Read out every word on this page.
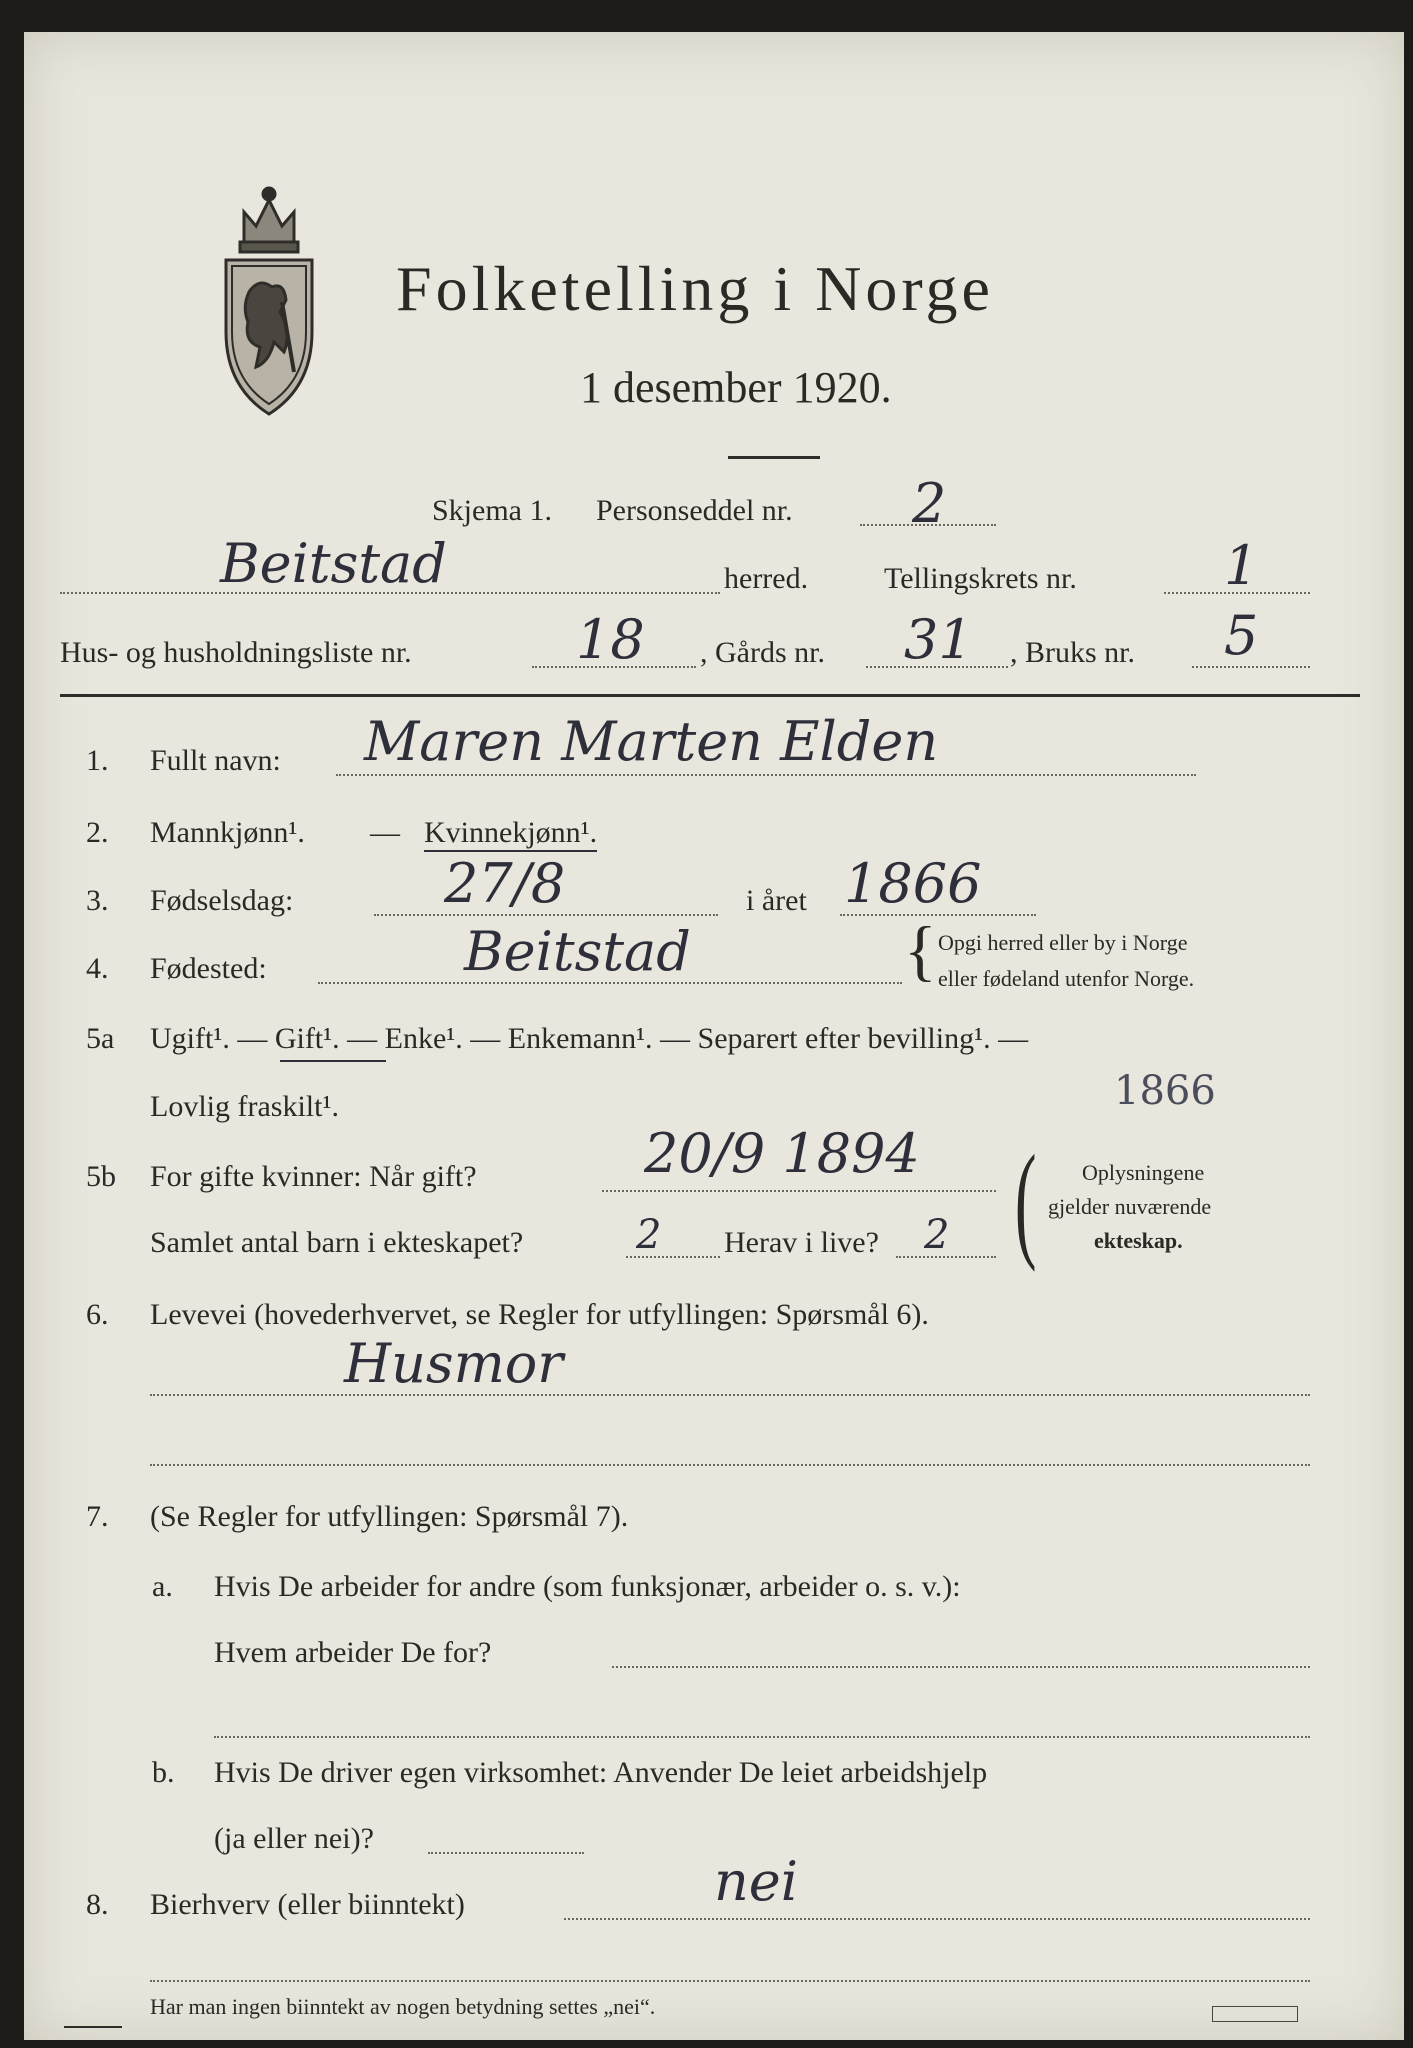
Folketelling i Norge
1 desember 1920.
Skjema 1. Personseddel nr. 2
Beitstad	herred.	Tellingskrets nr.	1
Hus- og husholdningsliste nr.	18 , Gårds nr. 31 , Bruks nr. 5
1. Fullt navn: Maren Marten Elden
2. Mannkjønn¹. — Kvinnekjønn¹.
3. Fødselsdag:	27/8	i året 1866
4. Fødested:	Beitstad	{ Opgi herred eller by i Norge
eller fødeland utenfor Norge.
5a Ugift¹. — Gift¹. — Enke¹. — Enkemann¹. — Separert efter bevilling¹. —
Lovlig fraskilt¹.	1866
5b For gifte kvinner: Når gift?	20/9 1894
Samlet antal barn i ekteskapet?	2 Herav i live? 2 ( Oplysningene
gjelder nuværende
ekteskap.
6. Levevei (hovederhvervet, se Regler for utfyllingen: Spørsmål 6).
Husmor
7. (Se Regler for utfyllingen: Spørsmål 7).
a. Hvis De arbeider for andre (som funksjonær, arbeider o. s. v.):
Hvem arbeider De for?
b. Hvis De driver egen virksomhet: Anvender De leiet arbeidshjelp
(ja eller nei)?
8. Bierhverv (eller biinntekt)	nei
Har man ingen biinntekt av nogen betydning settes „nei“.
